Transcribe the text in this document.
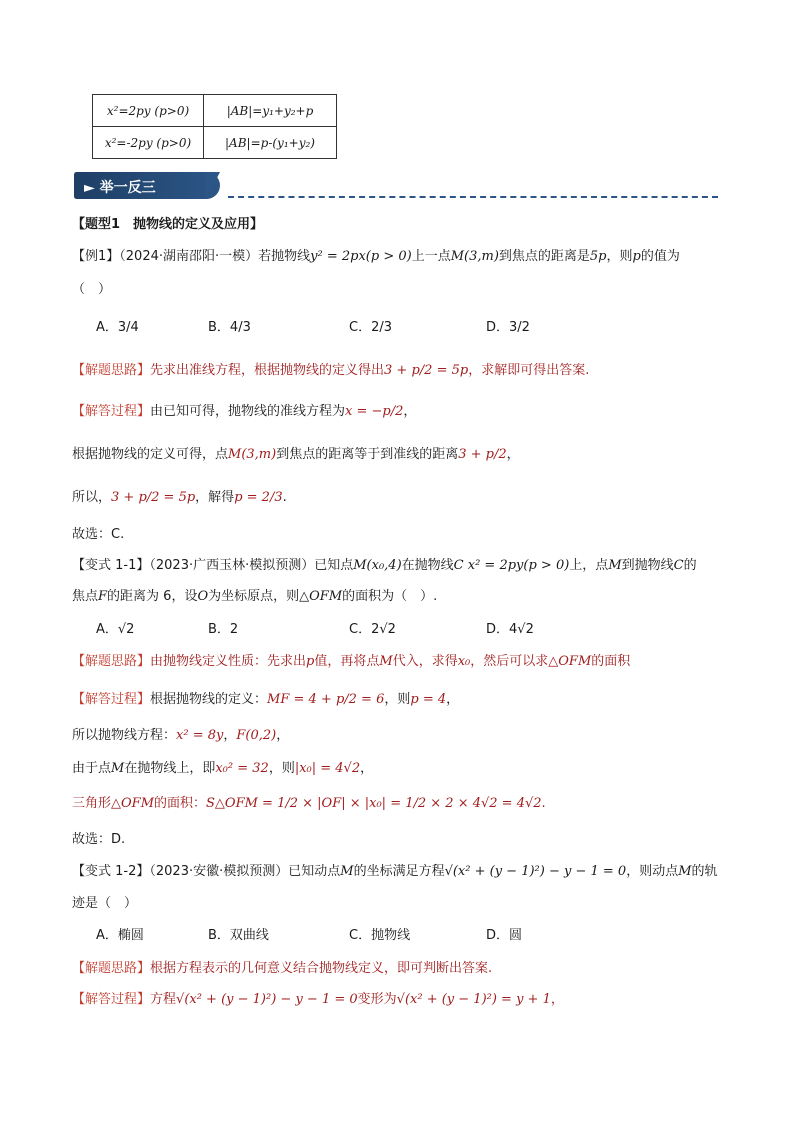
x²=2py (p>0)	|AB|=y₁+y₂+p
x²=-2py (p>0)	|AB|=p-(y₁+y₂)
► 举一反三
【题型1　抛物线的定义及应用】
【例1】（2024·湖南邵阳·一模）若抛物线y² = 2px(p > 0)上一点M(3,m)到焦点的距离是5p，则p的值为
（　）
A．3/4	B．4/3	C．2/3	D．3/2
【解题思路】先求出准线方程，根据抛物线的定义得出3 + p/2 = 5p，求解即可得出答案.
【解答过程】由已知可得，抛物线的准线方程为x = −p/2，
根据抛物线的定义可得，点M(3,m)到焦点的距离等于到准线的距离3 + p/2，
所以，3 + p/2 = 5p，解得p = 2/3.
故选：C.
【变式 1-1】（2023·广西玉林·模拟预测）已知点M(x₀,4)在抛物线C x² = 2py(p > 0)上，点M到抛物线C的
焦点F的距离为 6，设O为坐标原点，则△OFM的面积为（　）.
A．√2	B．2	C．2√2	D．4√2
【解题思路】由抛物线定义性质：先求出p值，再将点M代入，求得x₀，然后可以求△OFM的面积
【解答过程】根据抛物线的定义：MF = 4 + p/2 = 6，则p = 4，
所以抛物线方程：x² = 8y，F(0,2)，
由于点M在抛物线上，即x₀² = 32，则|x₀| = 4√2，
三角形△OFM的面积：S△OFM = 1/2 × |OF| × |x₀| = 1/2 × 2 × 4√2 = 4√2.
故选：D.
【变式 1-2】（2023·安徽·模拟预测）已知动点M的坐标满足方程√(x² + (y − 1)²) − y − 1 = 0，则动点M的轨
迹是（　）
A．椭圆	B．双曲线	C．抛物线	D．圆
【解题思路】根据方程表示的几何意义结合抛物线定义，即可判断出答案.
【解答过程】方程√(x² + (y − 1)²) − y − 1 = 0变形为√(x² + (y − 1)²) = y + 1，
